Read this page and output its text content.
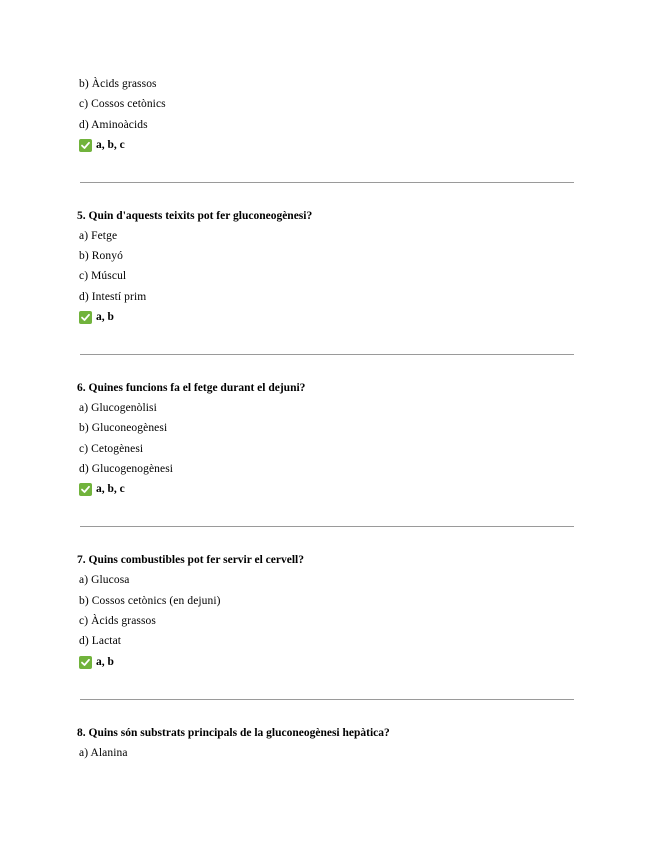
b) Àcids grassos
c) Cossos cetònics
d) Aminoàcids
a, b, c
5. Quin d'aquests teixits pot fer gluconeogènesi?
a) Fetge
b) Ronyó
c) Múscul
d) Intestí prim
a, b
6. Quines funcions fa el fetge durant el dejuni?
a) Glucogenòlisi
b) Gluconeogènesi
c) Cetogènesi
d) Glucogenogènesi
a, b, c
7. Quins combustibles pot fer servir el cervell?
a) Glucosa
b) Cossos cetònics (en dejuni)
c) Àcids grassos
d) Lactat
a, b
8. Quins són substrats principals de la gluconeogènesi hepàtica?
a) Alanina
